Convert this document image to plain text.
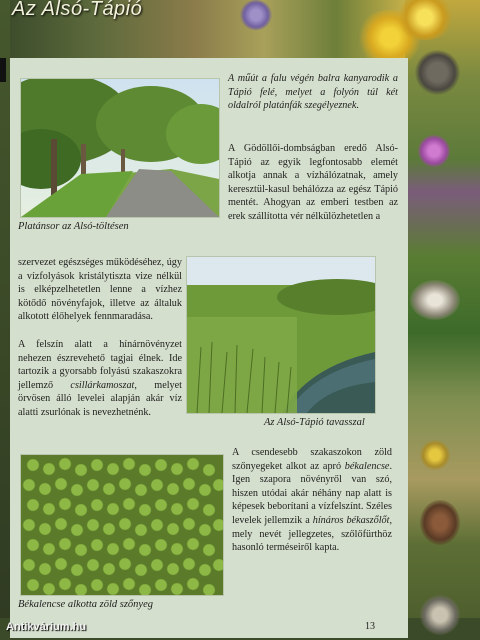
Az Alsó-Tápió
Platánsor az Alsó-töltésen
A műút a falu végén balra kanyarodik a Tápió felé, melyet a folyón túl két oldalról platánfák szegélyeznek.
A Gödöllői-dombságban eredő Alsó-Tápió az egyik legfontosabb elemét alkotja annak a vízhálózatnak, amely keresztül-kasul behálózza az egész Tápió mentét. Ahogyan az emberi testben az erek szállította vér nélkülözhetetlen a
szervezet egészséges működéséhez, úgy a vízfolyások kristálytiszta vize nélkül is elképzelhetetlen lenne a vízhez kötődő növényfajok, illetve az általuk alkotott élőhelyek fennmaradása.
Az Alsó-Tápió tavasszal
A felszín alatt a hínárnövényzet nehezen észrevehető tagjai élnek. Ide tartozik a gyorsabb folyású szakaszokra jellemző csillárkamoszat, melyet örvösen álló levelei alapján akár víz alatti zsurlónak is nevezhetnénk.
Békalencse alkotta zöld szőnyeg
A csendesebb szakaszokon zöld szőnyegeket alkot az apró békalencse. Igen szapora növényről van szó, hiszen utódai akár néhány nap alatt is képesek beborítani a vízfelszínt. Széles levelek jellemzik a hínáros békaszőlőt, mely nevét jellegzetes, szőlőfürthöz hasonló terméseiről kapta.
13
Antikvárium.hu
